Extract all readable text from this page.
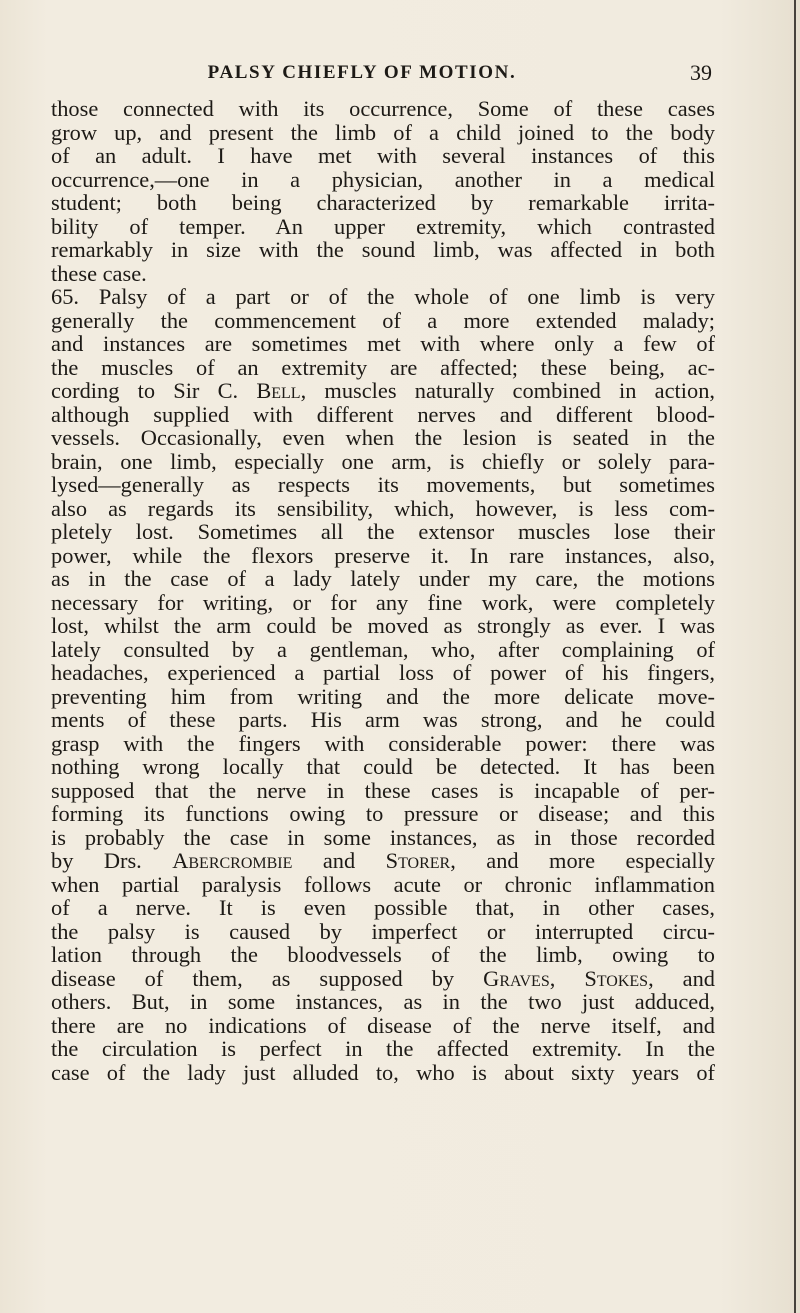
PALSY CHIEFLY OF MOTION.	39
those connected with its occurrence, Some of these cases
grow up, and present the limb of a child joined to the body
of an adult. I have met with several instances of this
occurrence,—one in a physician, another in a medical
student; both being characterized by remarkable irrita-
bility of temper. An upper extremity, which contrasted
remarkably in size with the sound limb, was affected in both
these case.
65. Palsy of a part or of the whole of one limb is very
generally the commencement of a more extended malady;
and instances are sometimes met with where only a few of
the muscles of an extremity are affected; these being, ac-
cording to Sir C. Bell, muscles naturally combined in action,
although supplied with different nerves and different blood-
vessels. Occasionally, even when the lesion is seated in the
brain, one limb, especially one arm, is chiefly or solely para-
lysed—generally as respects its movements, but sometimes
also as regards its sensibility, which, however, is less com-
pletely lost. Sometimes all the extensor muscles lose their
power, while the flexors preserve it. In rare instances, also,
as in the case of a lady lately under my care, the motions
necessary for writing, or for any fine work, were completely
lost, whilst the arm could be moved as strongly as ever. I was
lately consulted by a gentleman, who, after complaining of
headaches, experienced a partial loss of power of his fingers,
preventing him from writing and the more delicate move-
ments of these parts. His arm was strong, and he could
grasp with the fingers with considerable power: there was
nothing wrong locally that could be detected. It has been
supposed that the nerve in these cases is incapable of per-
forming its functions owing to pressure or disease; and this
is probably the case in some instances, as in those recorded
by Drs. Abercrombie and Storer, and more especially
when partial paralysis follows acute or chronic inflammation
of a nerve. It is even possible that, in other cases,
the palsy is caused by imperfect or interrupted circu-
lation through the bloodvessels of the limb, owing to
disease of them, as supposed by Graves, Stokes, and
others. But, in some instances, as in the two just adduced,
there are no indications of disease of the nerve itself, and
the circulation is perfect in the affected extremity. In the
case of the lady just alluded to, who is about sixty years of
